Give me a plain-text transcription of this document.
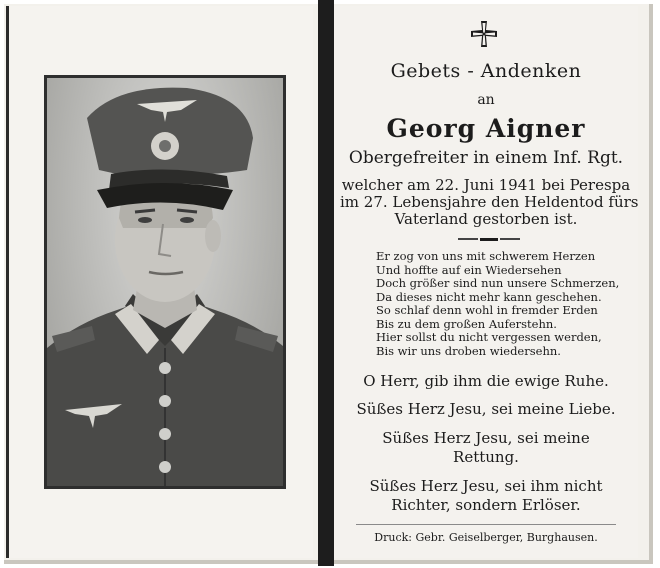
Gebets - Andenken
an
Georg Aigner
Obergefreiter in einem Inf. Rgt.
welcher am 22. Juni 1941 bei Perespa
im 27. Lebensjahre den Heldentod fürs
Vaterland gestorben ist.
Er zog von uns mit schwerem Herzen
Und hoffte auf ein Wiedersehen
Doch größer sind nun unsere Schmerzen,
Da dieses nicht mehr kann geschehen.
So schlaf denn wohl in fremder Erden
Bis zu dem großen Auferstehn.
Hier sollst du nicht vergessen werden,
Bis wir uns droben wiedersehn.
O Herr, gib ihm die ewige Ruhe.
Süßes Herz Jesu, sei meine Liebe.
Süßes Herz Jesu, sei meine
Rettung.
Süßes Herz Jesu, sei ihm nicht
Richter, sondern Erlöser.
Druck: Gebr. Geiselberger, Burghausen.
